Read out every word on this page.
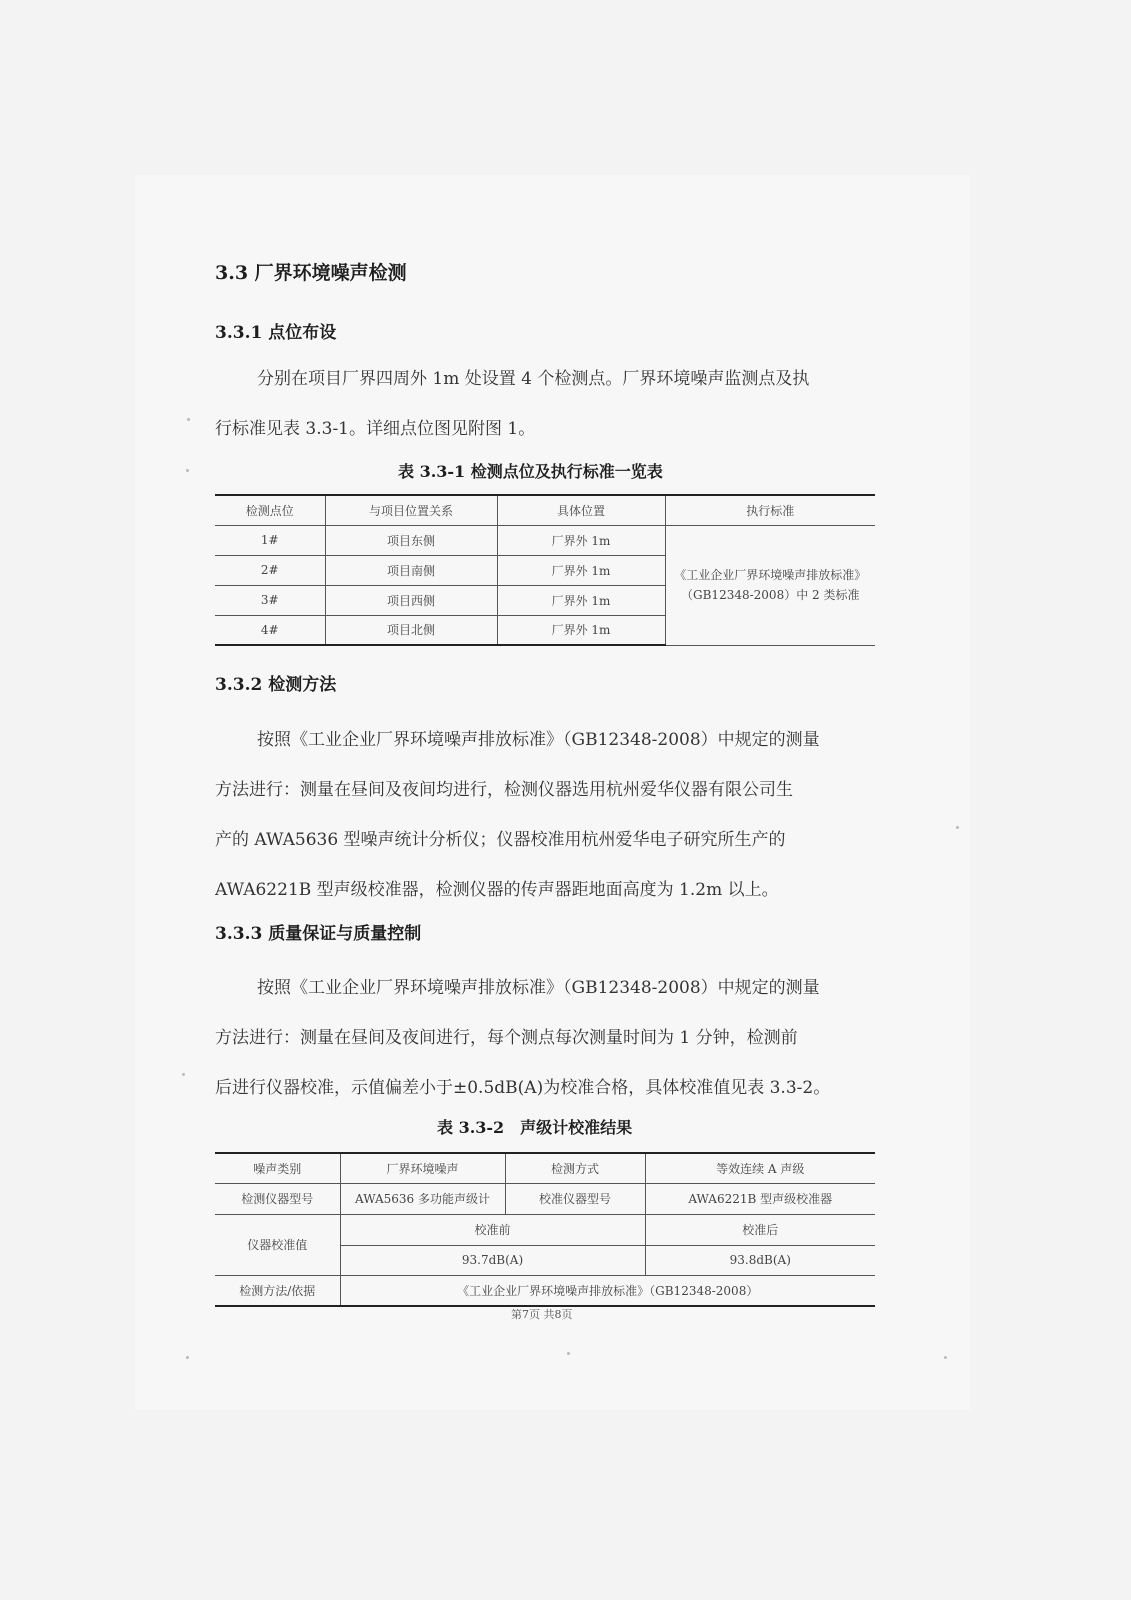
3.3 厂界环境噪声检测
3.3.1 点位布设
分别在项目厂界四周外 1m 处设置 4 个检测点。厂界环境噪声监测点及执
行标准见表 3.3-1。详细点位图见附图 1。
表 3.3-1 检测点位及执行标准一览表
检测点位	与项目位置关系	具体位置	执行标准
1#	项目东侧	厂界外 1m	《工业企业厂界环境噪声排放标准》（GB12348-2008）中 2 类标准
2#	项目南侧	厂界外 1m	
3#	项目西侧	厂界外 1m	
4#	项目北侧	厂界外 1m	
3.3.2 检测方法
按照《工业企业厂界环境噪声排放标准》（GB12348-2008）中规定的测量
方法进行：测量在昼间及夜间均进行，检测仪器选用杭州爱华仪器有限公司生
产的 AWA5636 型噪声统计分析仪；仪器校准用杭州爱华电子研究所生产的
AWA6221B 型声级校准器，检测仪器的传声器距地面高度为 1.2m 以上。
3.3.3 质量保证与质量控制
按照《工业企业厂界环境噪声排放标准》（GB12348-2008）中规定的测量
方法进行：测量在昼间及夜间进行，每个测点每次测量时间为 1 分钟，检测前
后进行仪器校准，示值偏差小于±0.5dB(A)为校准合格，具体校准值见表 3.3-2。
表 3.3-2　声级计校准结果
噪声类别	厂界环境噪声	检测方式	等效连续 A 声级
检测仪器型号	AWA5636 多功能声级计	校准仪器型号	AWA6221B 型声级校准器
仪器校准值	校准前		校准后
	93.7dB(A)		93.8dB(A)
检测方法/依据	《工业企业厂界环境噪声排放标准》（GB12348-2008）		
第7页 共8页
